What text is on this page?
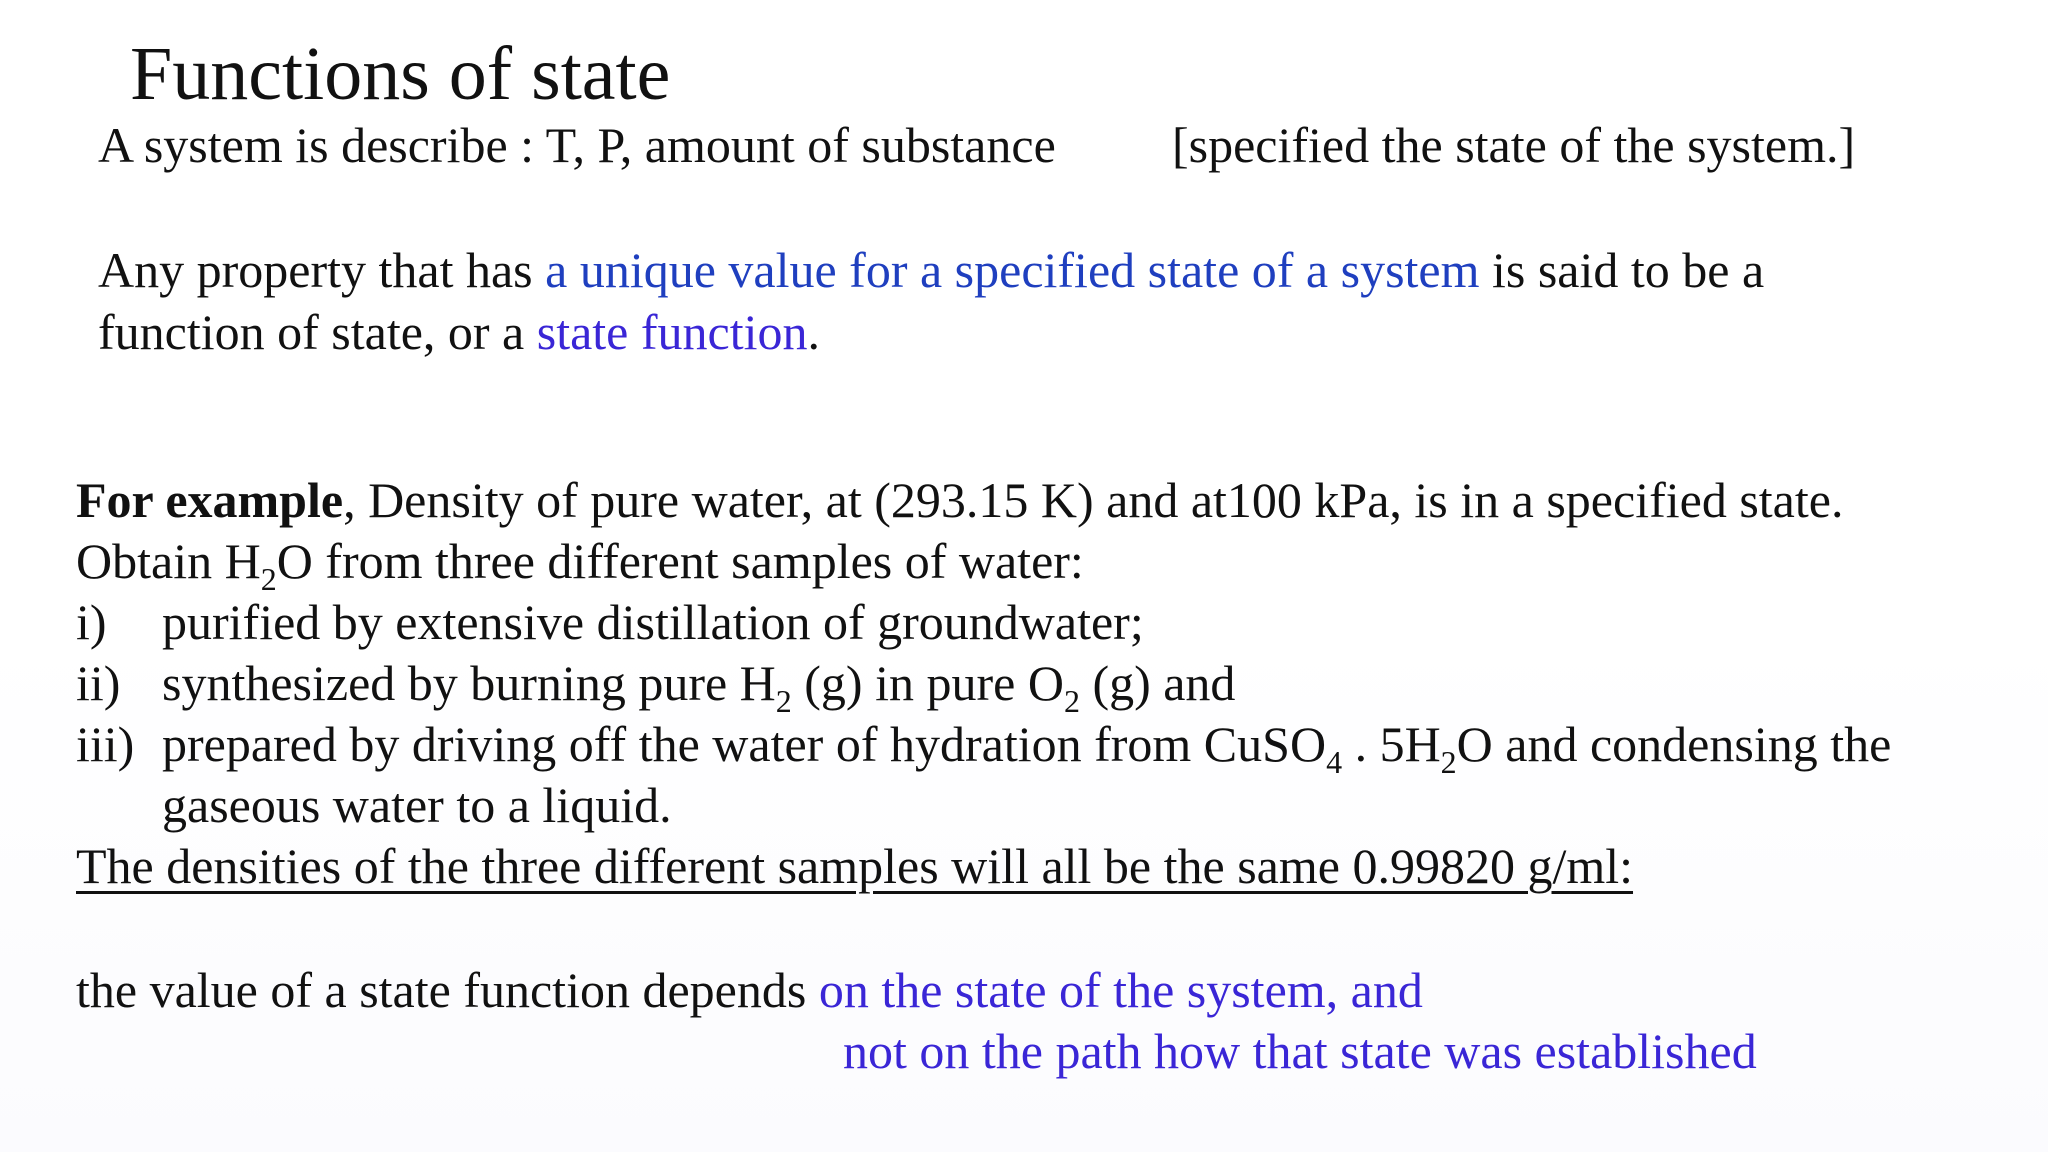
Functions of state
A system is describe : T, P, amount of substance [specified the state of the system.]
Any property that has a unique value for a specified state of a system is said to be a
function of state, or a state function.
For example, Density of pure water, at (293.15 K) and at100 kPa, is in a specified state.
Obtain $H_2O$ from three different samples of water:
i) purified by extensive distillation of groundwater;
ii) synthesized by burning pure $H_2$ (g) in pure $O_2$ (g) and
iii) prepared by driving off the water of hydration from CuSO$_4$ . $5H_2O$ and condensing the
gaseous water to a liquid.
The densities of the three different samples will all be the same 0.99820 g/ml:
the value of a state function depends on the state of the system, and
not on the path how that state was established
